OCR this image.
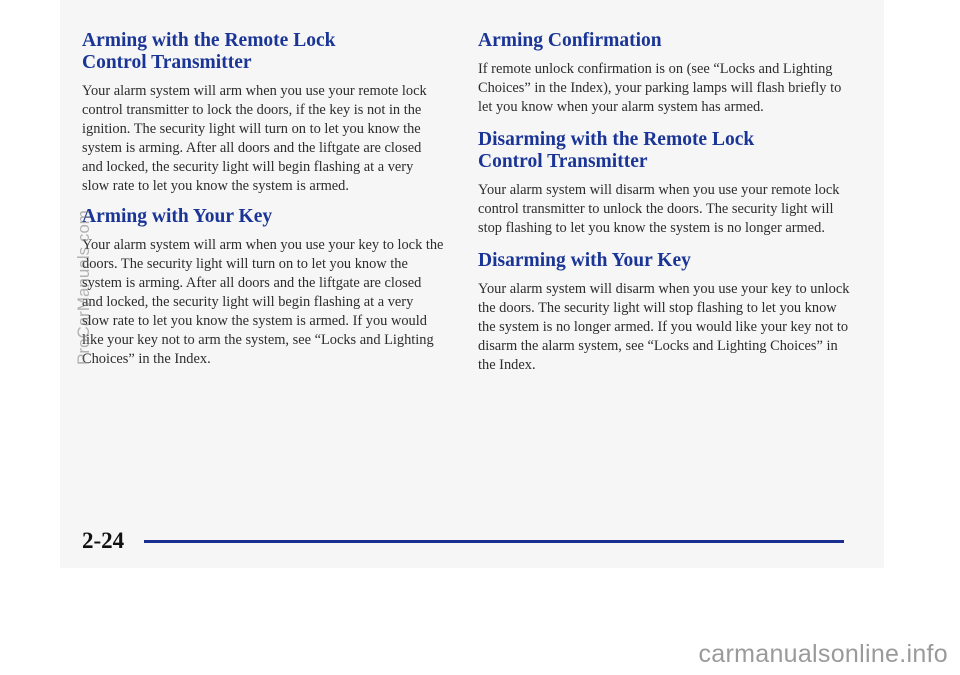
Arming with the Remote Lock
Control Transmitter

Your alarm system will arm when you use your remote lock control transmitter to lock the doors, if the key is not in the ignition. The security light will turn on to let you know the system is arming. After all doors and the liftgate are closed and locked, the security light will begin flashing at a very slow rate to let you know the system is armed.

Arming with Your Key

Your alarm system will arm when you use your key to lock the doors. The security light will turn on to let you know the system is arming. After all doors and the liftgate are closed and locked, the security light will begin flashing at a very slow rate to let you know the system is armed. If you would like your key not to arm the system, see “Locks and Lighting Choices” in the Index.

Arming Confirmation

If remote unlock confirmation is on (see “Locks and Lighting Choices” in the Index), your parking lamps will flash briefly to let you know when your alarm system has armed.

Disarming with the Remote Lock
Control Transmitter

Your alarm system will disarm when you use your remote lock control transmitter to unlock the doors. The security light will stop flashing to let you know the system is no longer armed.

Disarming with Your Key

Your alarm system will disarm when you use your key to unlock the doors. The security light will stop flashing to let you know the system is no longer armed. If you would like your key not to disarm the alarm system, see “Locks and Lighting Choices” in the Index.

2-24
ProCarManuals.com
carmanualsonline.info
